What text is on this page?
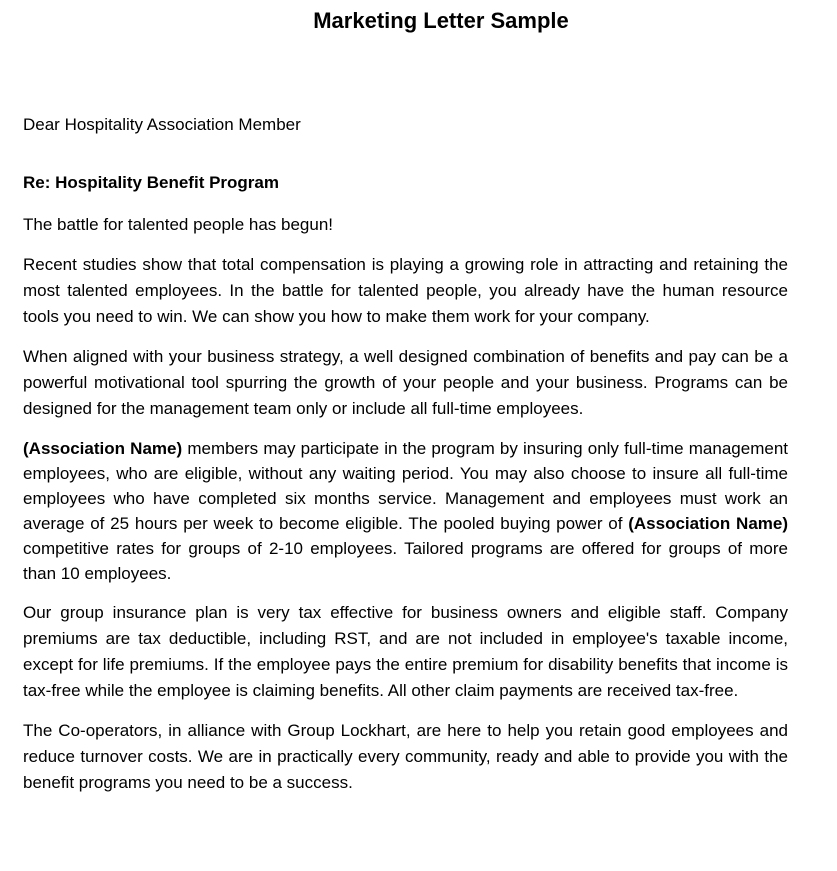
Marketing Letter Sample

Dear Hospitality Association Member

Re: Hospitality Benefit Program

The battle for talented people has begun!

Recent studies show that total compensation is playing a growing role in attracting and retaining the most talented employees. In the battle for talented people, you already have the human resource tools you need to win. We can show you how to make them work for your company.

When aligned with your business strategy, a well designed combination of benefits and pay can be a powerful motivational tool spurring the growth of your people and your business. Programs can be designed for the management team only or include all full-time employees.

(Association Name) members may participate in the program by insuring only full-time management employees, who are eligible, without any waiting period. You may also choose to insure all full-time employees who have completed six months service. Management and employees must work an average of 25 hours per week to become eligible. The pooled buying power of (Association Name) competitive rates for groups of 2-10 employees. Tailored programs are offered for groups of more than 10 employees.

Our group insurance plan is very tax effective for business owners and eligible staff. Company premiums are tax deductible, including RST, and are not included in employee's taxable income, except for life premiums. If the employee pays the entire premium for disability benefits that income is tax-free while the employee is claiming benefits. All other claim payments are received tax-free.

The Co-operators, in alliance with Group Lockhart, are here to help you retain good employees and reduce turnover costs. We are in practically every community, ready and able to provide you with the benefit programs you need to be a success.
